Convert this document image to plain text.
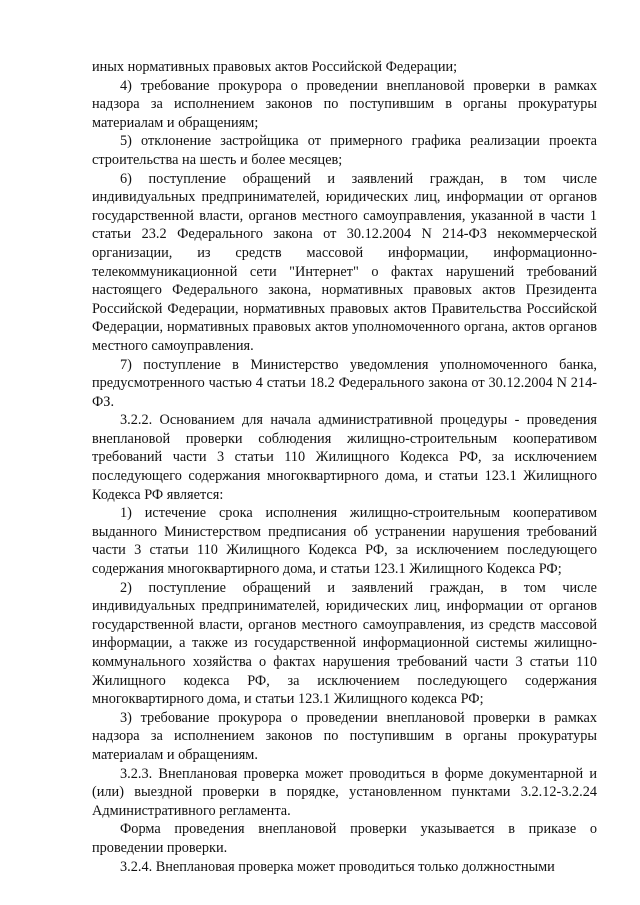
иных нормативных правовых актов Российской Федерации;

4) требование прокурора о проведении внеплановой проверки в рамках надзора за исполнением законов по поступившим в органы прокуратуры материалам и обращениям;

5) отклонение застройщика от примерного графика реализации проекта строительства на шесть и более месяцев;

6) поступление обращений и заявлений граждан, в том числе индивидуальных предпринимателей, юридических лиц, информации от органов государственной власти, органов местного самоуправления, указанной в части 1 статьи 23.2 Федерального закона от 30.12.2004 N 214-ФЗ некоммерческой организации, из средств массовой информации, информационно-телекоммуникационной сети "Интернет" о фактах нарушений требований настоящего Федерального закона, нормативных правовых актов Президента Российской Федерации, нормативных правовых актов Правительства Российской Федерации, нормативных правовых актов уполномоченного органа, актов органов местного самоуправления.

7) поступление в Министерство уведомления уполномоченного банка, предусмотренного частью 4 статьи 18.2 Федерального закона от 30.12.2004 N 214-ФЗ.

3.2.2. Основанием для начала административной процедуры - проведения внеплановой проверки соблюдения жилищно-строительным кооперативом требований части 3 статьи 110 Жилищного Кодекса РФ, за исключением последующего содержания многоквартирного дома, и статьи 123.1 Жилищного Кодекса РФ является:

1) истечение срока исполнения жилищно-строительным кооперативом выданного Министерством предписания об устранении нарушения требований части 3 статьи 110 Жилищного Кодекса РФ, за исключением последующего содержания многоквартирного дома, и статьи 123.1 Жилищного Кодекса РФ;

2) поступление обращений и заявлений граждан, в том числе индивидуальных предпринимателей, юридических лиц, информации от органов государственной власти, органов местного самоуправления, из средств массовой информации, а также из государственной информационной системы жилищно-коммунального хозяйства о фактах нарушения требований части 3 статьи 110 Жилищного кодекса РФ, за исключением последующего содержания многоквартирного дома, и статьи 123.1 Жилищного кодекса РФ;

3) требование прокурора о проведении внеплановой проверки в рамках надзора за исполнением законов по поступившим в органы прокуратуры материалам и обращениям.

3.2.3. Внеплановая проверка может проводиться в форме документарной и (или) выездной проверки в порядке, установленном пунктами 3.2.12-3.2.24 Административного регламента.

Форма проведения внеплановой проверки указывается в приказе о проведении проверки.

3.2.4. Внеплановая проверка может проводиться только должностными
